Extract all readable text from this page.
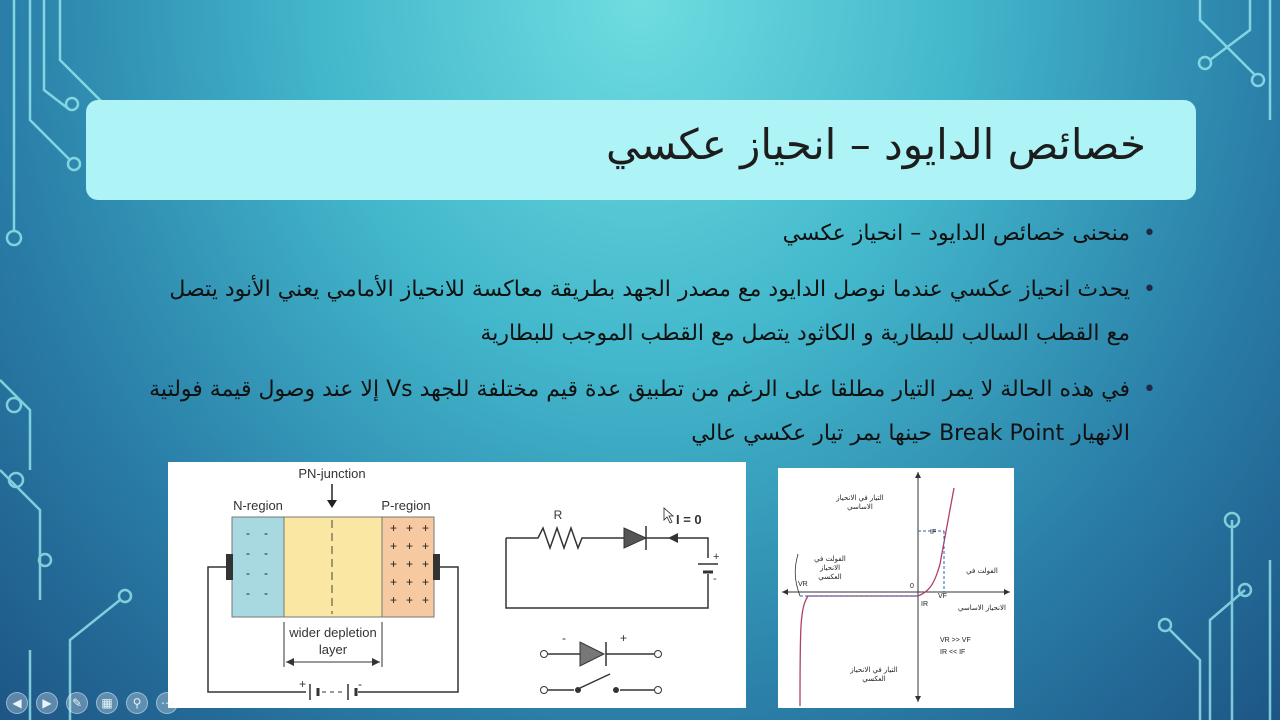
خصائص الدايود – انحياز عكسي
• منحنى خصائص الدايود – انحياز عكسي
• يحدث انحياز عكسي عندما نوصل الدايود مع مصدر الجهد بطريقة معاكسة للانحياز الأمامي يعني الأنود يتصل مع القطب السالب للبطارية و الكاثود يتصل مع القطب الموجب للبطارية
• في هذه الحالة لا يمر التيار مطلقا على الرغم من تطبيق عدة قيم مختلفة للجهد Vs إلا عند وصول قيمة فولتية الانهيار Break Point حينها يمر تيار عكسي عالي
PN-junction
N-region	P-region
- -
- -
- -
- -
+ + +
+ + +
+ + +
+ + +
+ + +
+	-
wider depletion
layer
R	I = 0
+
-
-	+
التيار في الانحياز
الاساسي
الفولت في
الانحياز
العكسي
الفولت في
الانحياز الاساسي
التيار في الانحياز
العكسي
IF
VR
VF
IR
0
VR >> VF
IR << IF
◀	▶	✎	▦	⚲	⋯
